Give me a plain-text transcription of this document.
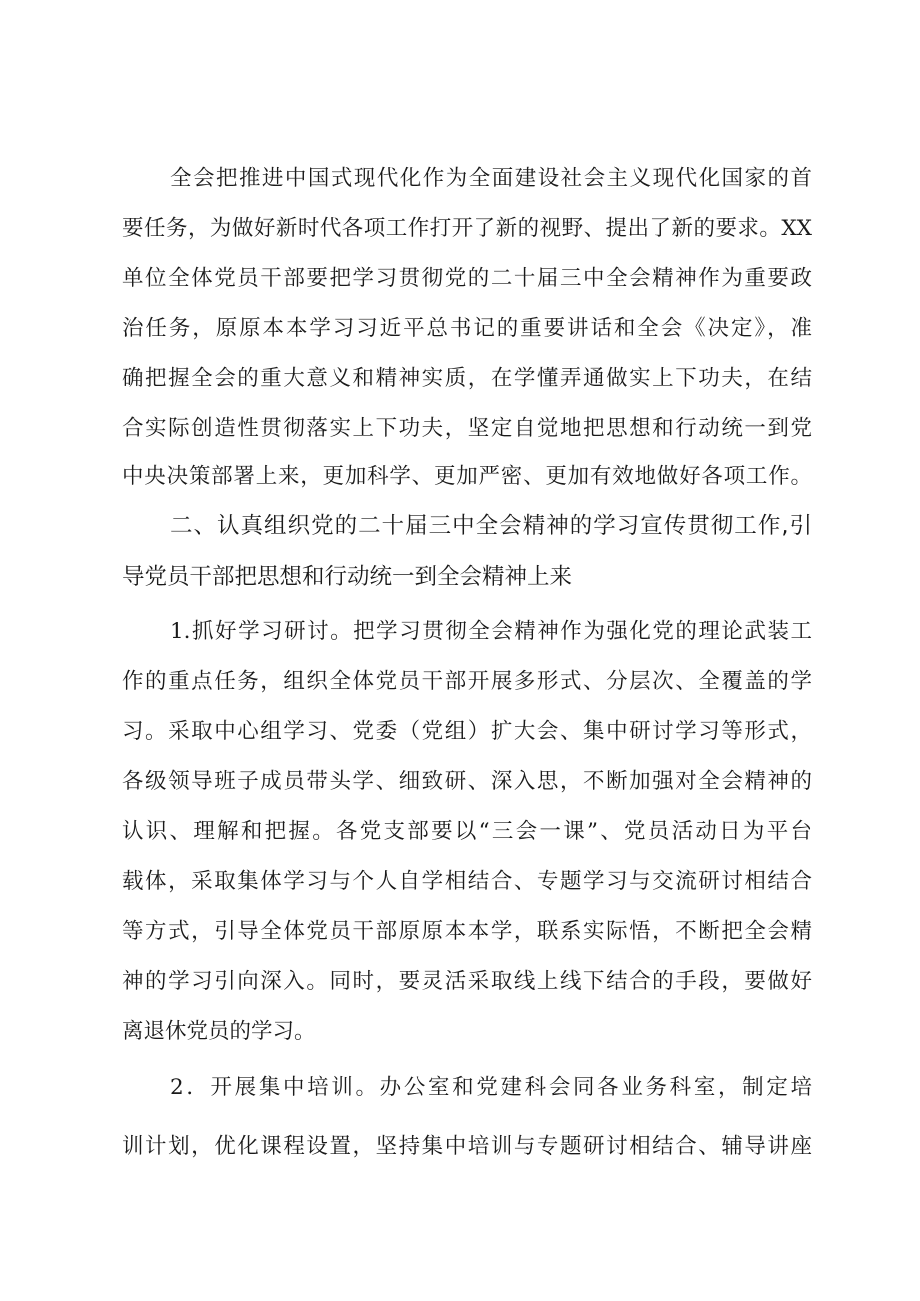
全会把推进中国式现代化作为全面建设社会主义现代化国家的首
要任务，为做好新时代各项工作打开了新的视野、提出了新的要求。XX
单位全体党员干部要把学习贯彻党的二十届三中全会精神作为重要政
治任务，原原本本学习习近平总书记的重要讲话和全会《决定》，准
确把握全会的重大意义和精神实质，在学懂弄通做实上下功夫，在结
合实际创造性贯彻落实上下功夫，坚定自觉地把思想和行动统一到党
中央决策部署上来，更加科学、更加严密、更加有效地做好各项工作。
二、认真组织党的二十届三中全会精神的学习宣传贯彻工作,引
导党员干部把思想和行动统一到全会精神上来
1.抓好学习研讨。把学习贯彻全会精神作为强化党的理论武装工
作的重点任务，组织全体党员干部开展多形式、分层次、全覆盖的学
习。采取中心组学习、党委（党组）扩大会、集中研讨学习等形式，
各级领导班子成员带头学、细致研、深入思，不断加强对全会精神的
认识、理解和把握。各党支部要以“三会一课”、党员活动日为平台
载体，采取集体学习与个人自学相结合、专题学习与交流研讨相结合
等方式，引导全体党员干部原原本本学，联系实际悟，不断把全会精
神的学习引向深入。同时，要灵活采取线上线下结合的手段，要做好
离退休党员的学习。
2．开展集中培训。办公室和党建科会同各业务科室，制定培
训计划，优化课程设置，坚持集中培训与专题研讨相结合、辅导讲座
